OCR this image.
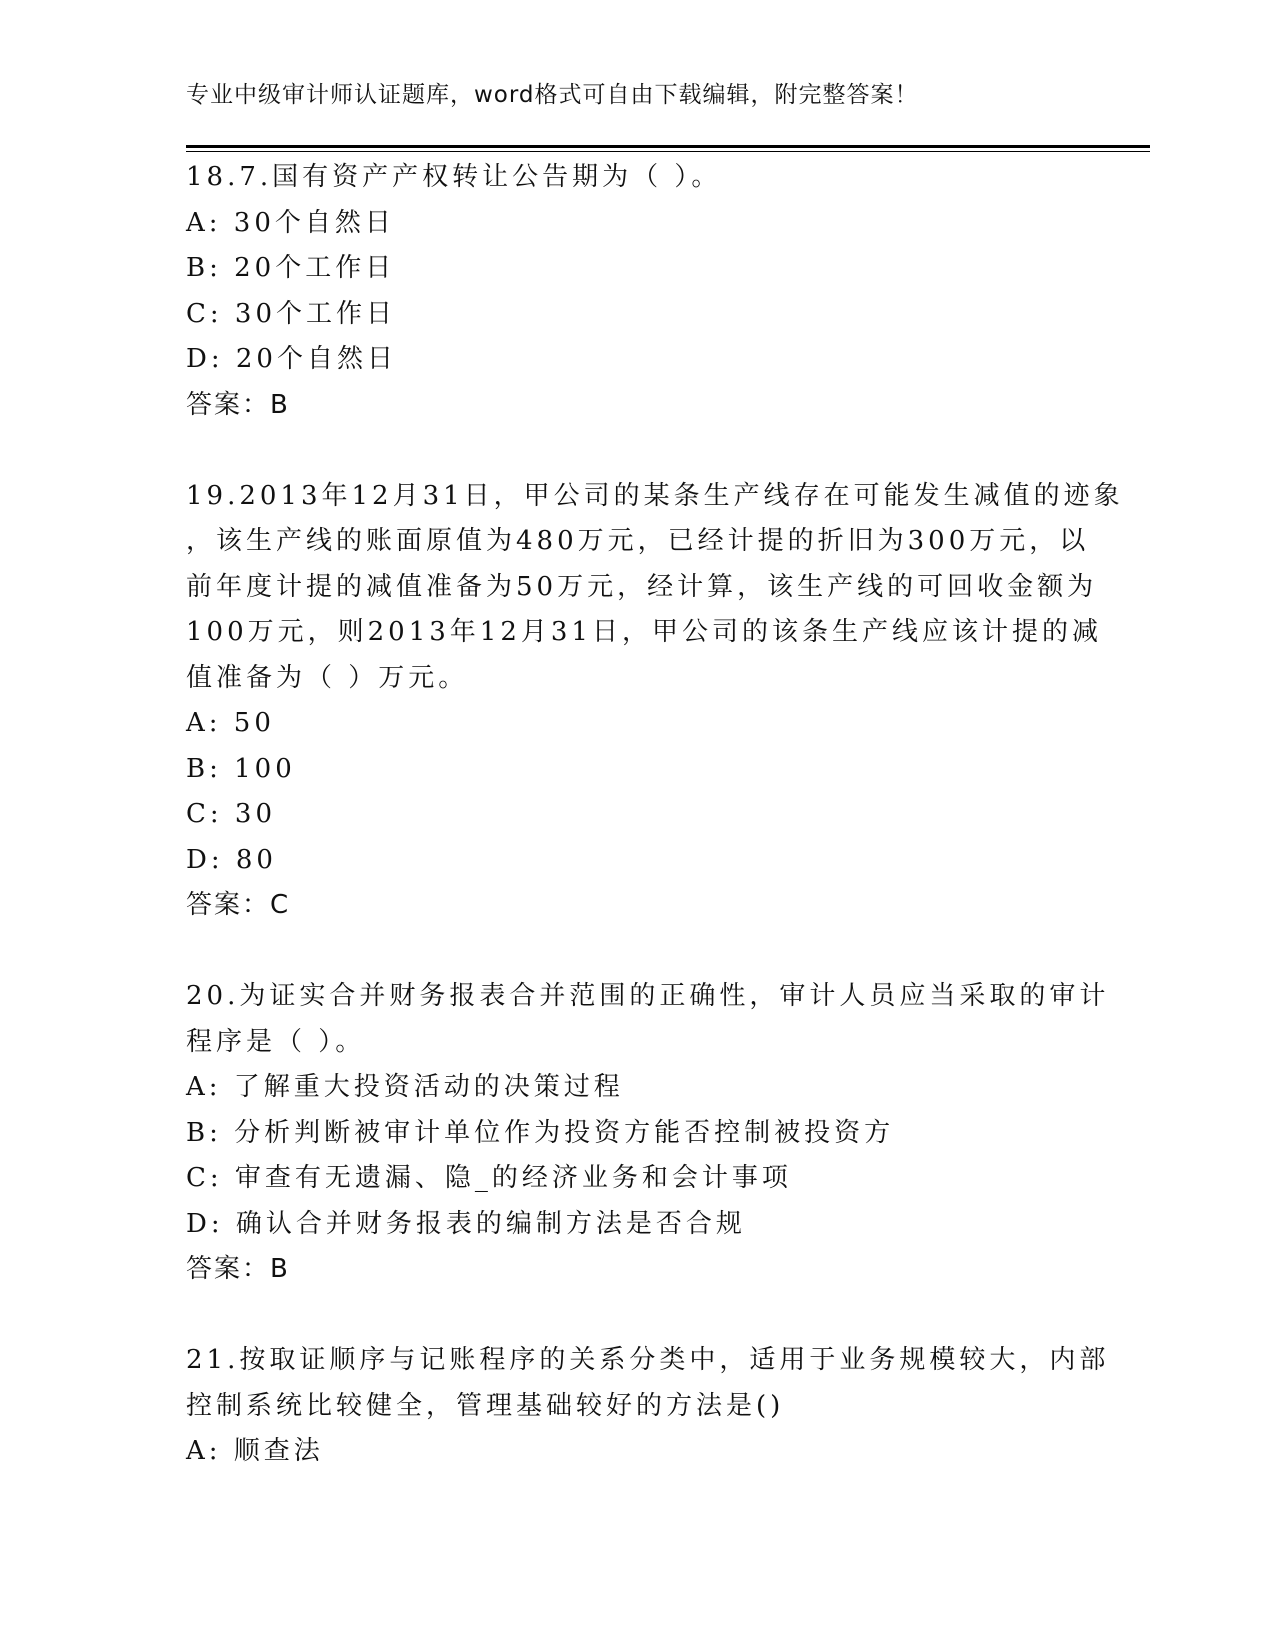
专业中级审计师认证题库，word格式可自由下载编辑，附完整答案！
18.7.国有资产产权转让公告期为（ ）。
A: 30个自然日
B: 20个工作日
C: 30个工作日
D: 20个自然日
答案：B
19.2013年12月31日，甲公司的某条生产线存在可能发生减值的迹象
，该生产线的账面原值为480万元，已经计提的折旧为300万元，以
前年度计提的减值准备为50万元，经计算，该生产线的可回收金额为
100万元，则2013年12月31日，甲公司的该条生产线应该计提的减
值准备为（ ）万元。
A: 50
B: 100
C: 30
D: 80
答案：C
20.为证实合并财务报表合并范围的正确性，审计人员应当采取的审计
程序是（ ）。
A: 了解重大投资活动的决策过程
B: 分析判断被审计单位作为投资方能否控制被投资方
C: 审查有无遗漏、隐_的经济业务和会计事项
D: 确认合并财务报表的编制方法是否合规
答案：B
21.按取证顺序与记账程序的关系分类中，适用于业务规模较大，内部
控制系统比较健全，管理基础较好的方法是()
A: 顺查法
